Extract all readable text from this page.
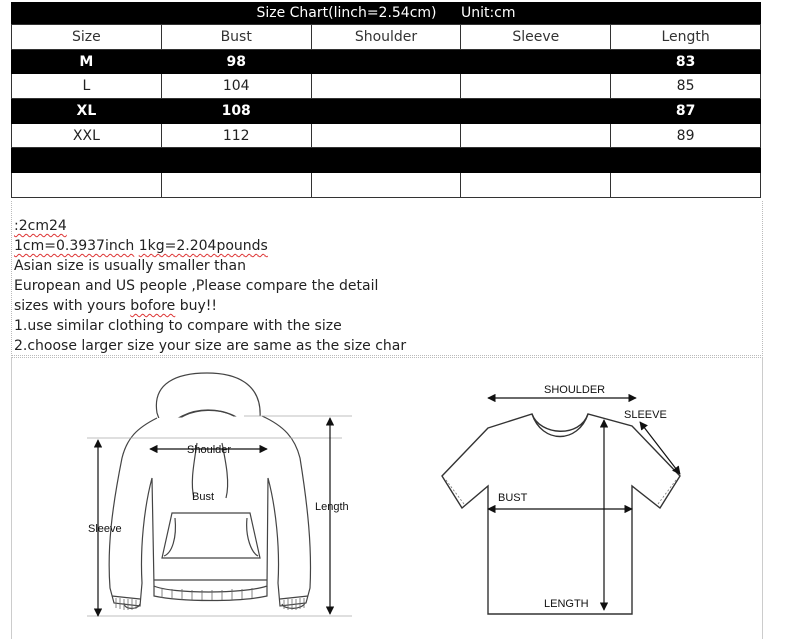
Size Chart(linch=2.54cm) Unit:cm
Size	Bust	Shoulder	Sleeve	Length
M	98			83
L	104			85
XL	108			87
XXL	112			89

:2cm24
1cm=0.3937inch 1kg=2.204pounds
Asian size is usually smaller than
European and US people ,Please compare the detail
sizes with yours bofore buy!!
1.use similar clothing to compare with the size
2.choose larger size your size are same as the size char
Shoulder
Bust
Length
Sleeve
SHOULDER
SLEEVE
BUST
LENGTH
